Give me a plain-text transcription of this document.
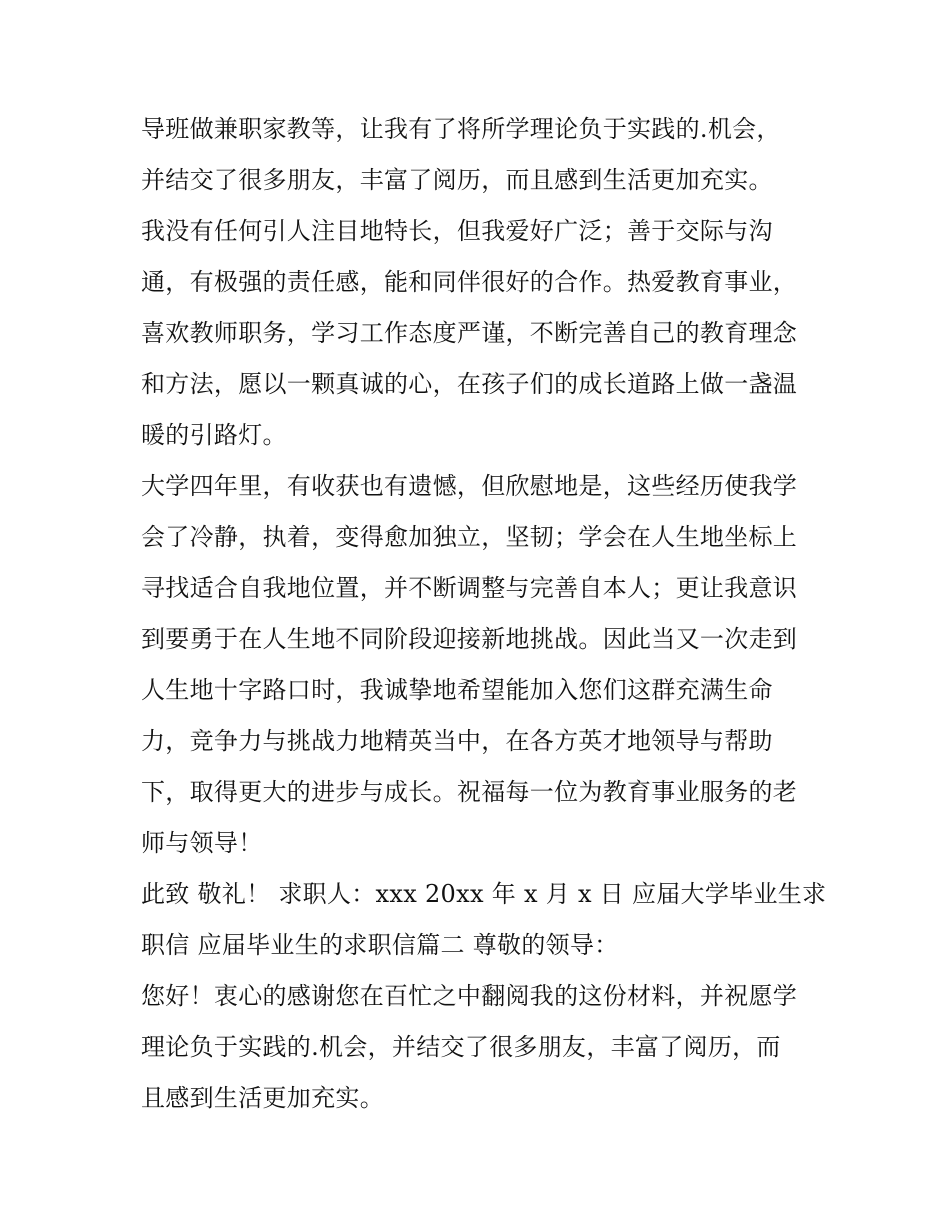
导班做兼职家教等，让我有了将所学理论负于实践的.机会，
并结交了很多朋友，丰富了阅历，而且感到生活更加充实。
我没有任何引人注目地特长，但我爱好广泛；善于交际与沟
通，有极强的责任感，能和同伴很好的合作。热爱教育事业，
喜欢教师职务，学习工作态度严谨，不断完善自己的教育理念
和方法，愿以一颗真诚的心，在孩子们的成长道路上做一盏温
暖的引路灯。
大学四年里，有收获也有遗憾，但欣慰地是，这些经历使我学
会了冷静，执着，变得愈加独立，坚韧；学会在人生地坐标上
寻找适合自我地位置，并不断调整与完善自本人；更让我意识
到要勇于在人生地不同阶段迎接新地挑战。因此当又一次走到
人生地十字路口时，我诚挚地希望能加入您们这群充满生命
力，竞争力与挑战力地精英当中，在各方英才地领导与帮助
下，取得更大的进步与成长。祝福每一位为教育事业服务的老
师与领导！
此致 敬礼！ 求职人：xxx 20xx 年 x 月 x 日 应届大学毕业生求
职信 应届毕业生的求职信篇二 尊敬的领导：
您好！衷心的感谢您在百忙之中翻阅我的这份材料，并祝愿学
理论负于实践的.机会，并结交了很多朋友，丰富了阅历，而
且感到生活更加充实。
